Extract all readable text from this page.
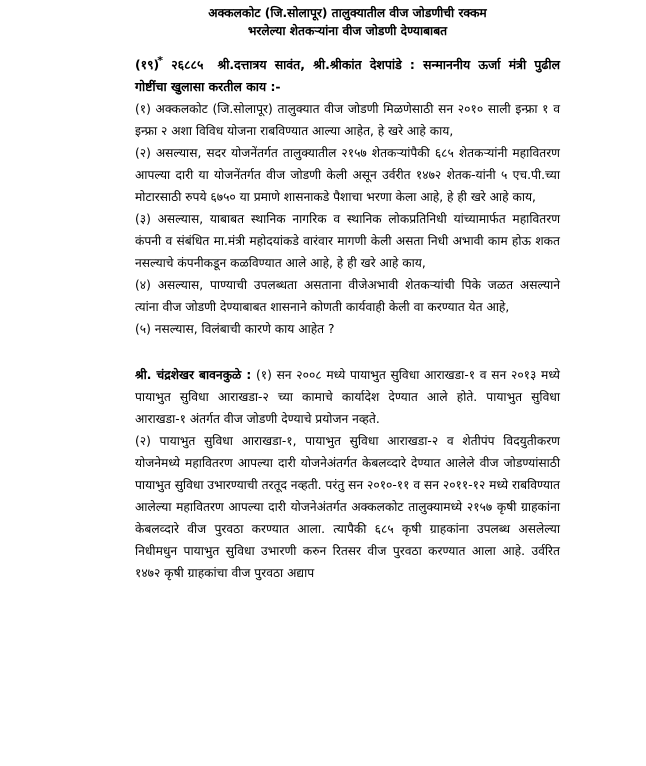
अक्कलकोट (जि.सोलापूर) तालुक्यातील वीज जोडणीची रक्कम
भरलेल्या शेतकऱ्यांना वीज जोडणी देण्याबाबत
(१९)
* २६८८५ श्री.दत्तात्रय सावंत, श्री.श्रीकांत देशपांडे : सन्माननीय ऊर्जा मंत्री पुढील गोष्टींचा खुलासा करतील काय :-

(१) अक्कलकोट (जि.सोलापूर) तालुक्यात वीज जोडणी मिळणेसाठी सन २०१० साली इन्फ्रा १ व इन्फ्रा २ अशा विविध योजना राबविण्यात आल्या आहेत, हे खरे आहे काय,

(२) असल्यास, सदर योजनेंतर्गत तालुक्यातील २१५७ शेतकऱ्यांपैकी ६८५ शेतकऱ्यांनी महावितरण आपल्या दारी या योजनेंतर्गत वीज जोडणी केली असून उर्वरीत १४७२ शेतक-यांनी ५ एच.पी.च्या मोटारसाठी रुपये ६७५० या प्रमाणे शासनाकडे पैशाचा भरणा केला आहे, हे ही खरे आहे काय,

(३) असल्यास, याबाबत स्थानिक नागरिक व स्थानिक लोकप्रतिनिधी यांच्यामार्फत महावितरण कंपनी व संबंधित मा.मंत्री महोदयांकडे वारंवार मागणी केली असता निधी अभावी काम होऊ शकत नसल्याचे कंपनीकडून कळविण्यात आले आहे, हे ही खरे आहे काय,

(४) असल्यास, पाण्याची उपलब्धता असताना वीजेअभावी शेतकऱ्यांची पिके जळत असल्याने त्यांना वीज जोडणी देण्याबाबत शासनाने कोणती कार्यवाही केली वा करण्यात येत आहे,

(५) नसल्यास, विलंबाची कारणे काय आहेत ?

श्री. चंद्रशेखर बावनकुळे : (१) सन २००८ मध्ये पायाभुत सुविधा आराखडा-१ व सन २०१३ मध्ये पायाभुत सुविधा आराखडा-२ च्या कामाचे कार्यादेश देण्यात आले होते. पायाभुत सुविधा आराखडा-१ अंतर्गत वीज जोडणी देण्याचे प्रयोजन नव्हते.

(२) पायाभुत सुविधा आराखडा-१, पायाभुत सुविधा आराखडा-२ व शेतीपंप विदयुतीकरण योजनेमध्ये महावितरण आपल्या दारी योजनेअंतर्गत केबलव्दारे देण्यात आलेले वीज जोडण्यांसाठी पायाभुत सुविधा उभारण्याची तरतूद नव्हती. परंतु सन २०१०-११ व सन २०११-१२ मध्ये राबविण्यात आलेल्या महावितरण आपल्या दारी योजनेअंतर्गत अक्कलकोट तालुक्यामध्ये २१५७ कृषी ग्राहकांना केबलव्दारे वीज पुरवठा करण्यात आला. त्यापैकी ६८५ कृषी ग्राहकांना उपलब्ध असलेल्या निधीमधुन पायाभुत सुविधा उभारणी करुन रितसर वीज पुरवठा करण्यात आला आहे. उर्वरित १४७२ कृषी ग्राहकांचा वीज पुरवठा अद्याप
